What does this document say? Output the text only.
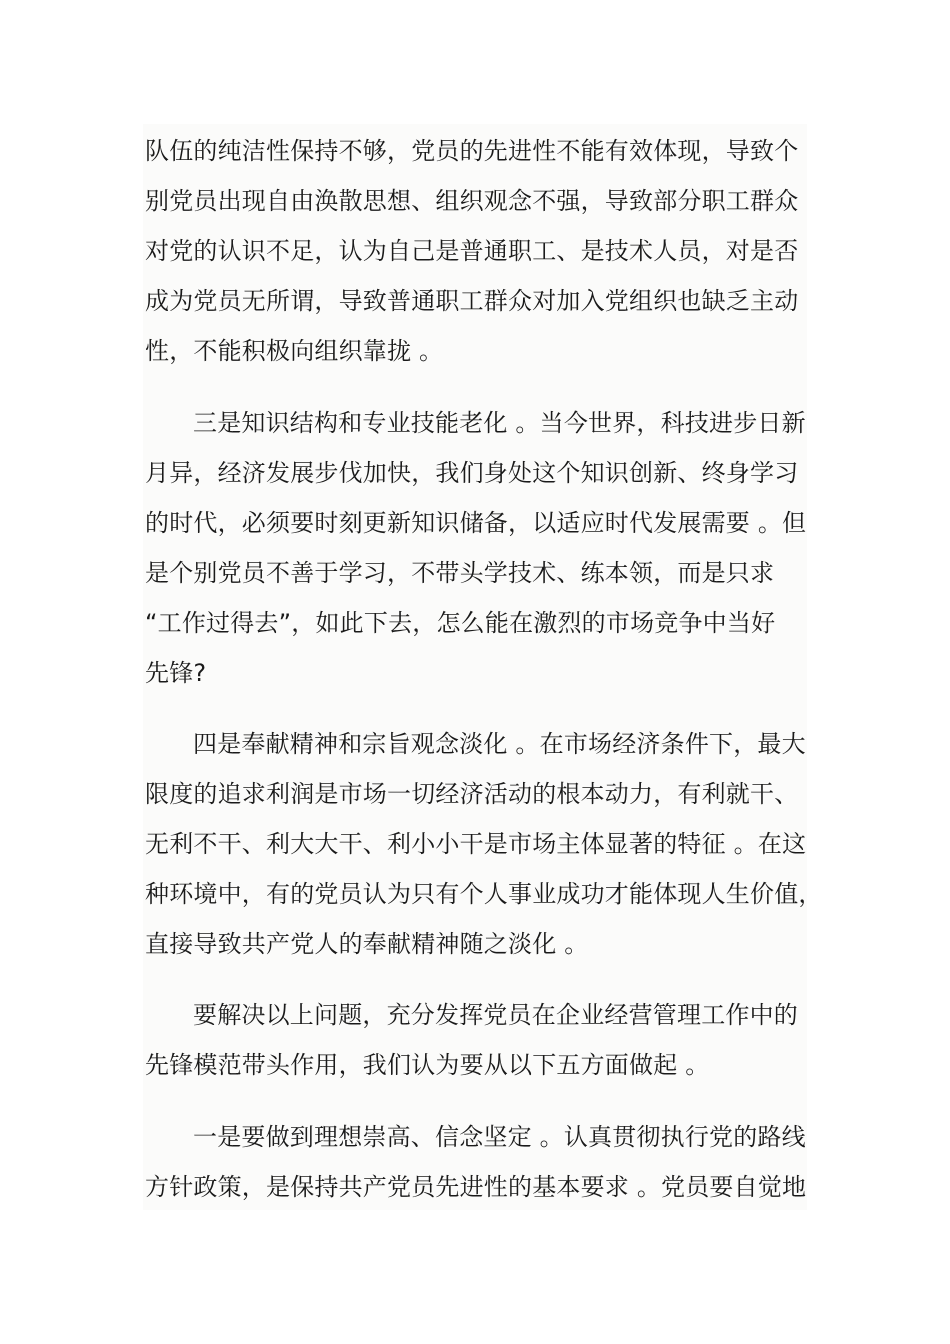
队伍的纯洁性保持不够，党员的先进性不能有效体现，导致个
别党员出现自由涣散思想、组织观念不强，导致部分职工群众
对党的认识不足，认为自己是普通职工、是技术人员，对是否
成为党员无所谓，导致普通职工群众对加入党组织也缺乏主动
性，不能积极向组织靠拢 。
三是知识结构和专业技能老化 。当今世界，科技进步日新
月异，经济发展步伐加快，我们身处这个知识创新、终身学习
的时代，必须要时刻更新知识储备，以适应时代发展需要 。但
是个别党员不善于学习，不带头学技术、练本领，而是只求
“工作过得去”，如此下去，怎么能在激烈的市场竞争中当好
先锋?
四是奉献精神和宗旨观念淡化 。在市场经济条件下，最大
限度的追求利润是市场一切经济活动的根本动力，有利就干、
无利不干、利大大干、利小小干是市场主体显著的特征 。在这
种环境中，有的党员认为只有个人事业成功才能体现人生价值，
直接导致共产党人的奉献精神随之淡化 。
要解决以上问题，充分发挥党员在企业经营管理工作中的
先锋模范带头作用，我们认为要从以下五方面做起 。
一是要做到理想崇高、信念坚定 。认真贯彻执行党的路线
方针政策，是保持共产党员先进性的基本要求 。党员要自觉地
